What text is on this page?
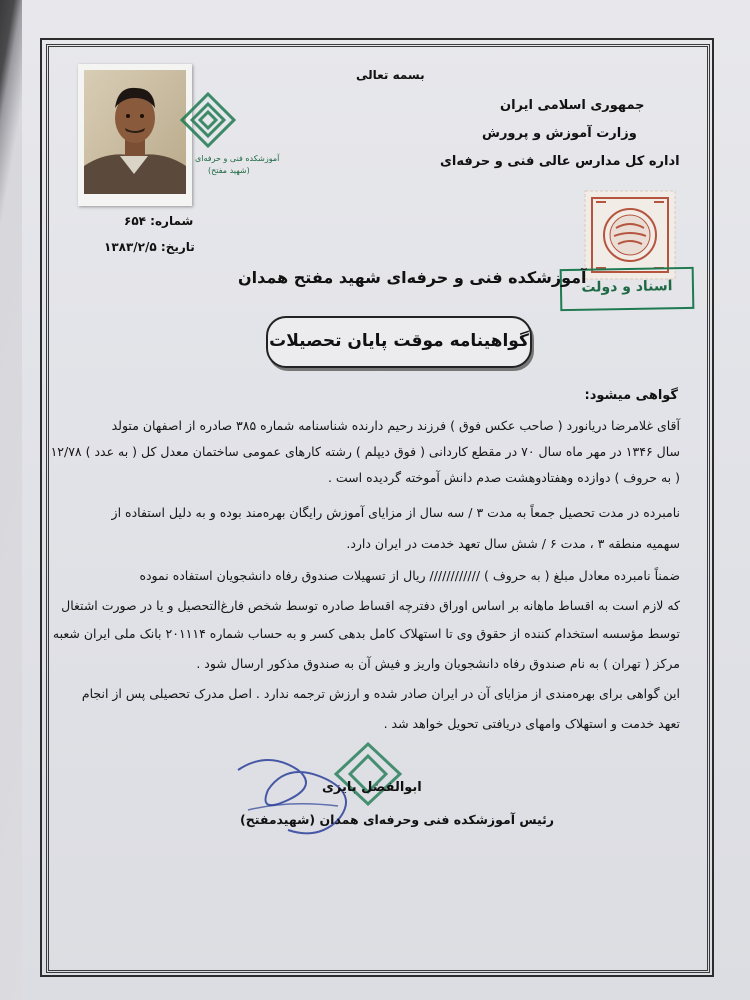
بسمه تعالی
جمهوری اسلامی ایران
وزارت آموزش و پرورش
اداره کل مدارس عالی فنی و حرفه‌ای
آموزشکده فنی و حرفه‌ای
(شهید مفتح)
شماره: ۶۵۴
تاریخ: ۱۳۸۳/۲/۵
اسناد و دولت
آموزشکده فنی و حرفه‌ای شهید مفتح همدان
گواهینامه موقت پایان تحصیلات
گواهی میشود:
آقای غلامرضا دریانورد ( صاحب عکس فوق ) فرزند رحیم دارنده شناسنامه شماره ۳۸۵ صادره از اصفهان متولد
سال ۱۳۴۶ در مهر ماه سال ۷۰ در مقطع کاردانی ( فوق دیپلم ) رشته کارهای عمومی ساختمان معدل کل ( به عدد ) ۱۲/۷۸
( به حروف ) دوازده وهفتادوهشت صدم دانش آموخته گردیده است .
نامبرده در مدت تحصیل جمعاً به مدت ۳ / سه سال از مزایای آموزش رایگان بهره‌مند بوده و به دلیل استفاده از
سهمیه منطقه ۳ ، مدت ۶ / شش سال تعهد خدمت در ایران دارد.
ضمناً نامبرده معادل مبلغ ( به حروف ) //////////// ریال از تسهیلات صندوق رفاه دانشجویان استفاده نموده
که لازم است به اقساط ماهانه بر اساس اوراق دفترچه اقساط صادره توسط شخص فارغ‌التحصیل و یا در صورت اشتغال
توسط مؤسسه استخدام کننده از حقوق وی تا استهلاک کامل بدهی کسر و به حساب شماره ۲۰۱۱۱۴ بانک ملی ایران شعبه
مرکز ( تهران ) به نام صندوق رفاه دانشجویان واریز و فیش آن به صندوق مذکور ارسال شود .
این گواهی برای بهره‌مندی از مزایای آن در ایران صادر شده و ارزش ترجمه ندارد . اصل مدرک تحصیلی پس از انجام
تعهد خدمت و استهلاک وامهای دریافتی تحویل خواهد شد .
ابوالفضل بایزی
رئیس آموزشکده فنی وحرفه‌ای همدان (شهیدمفتح)
